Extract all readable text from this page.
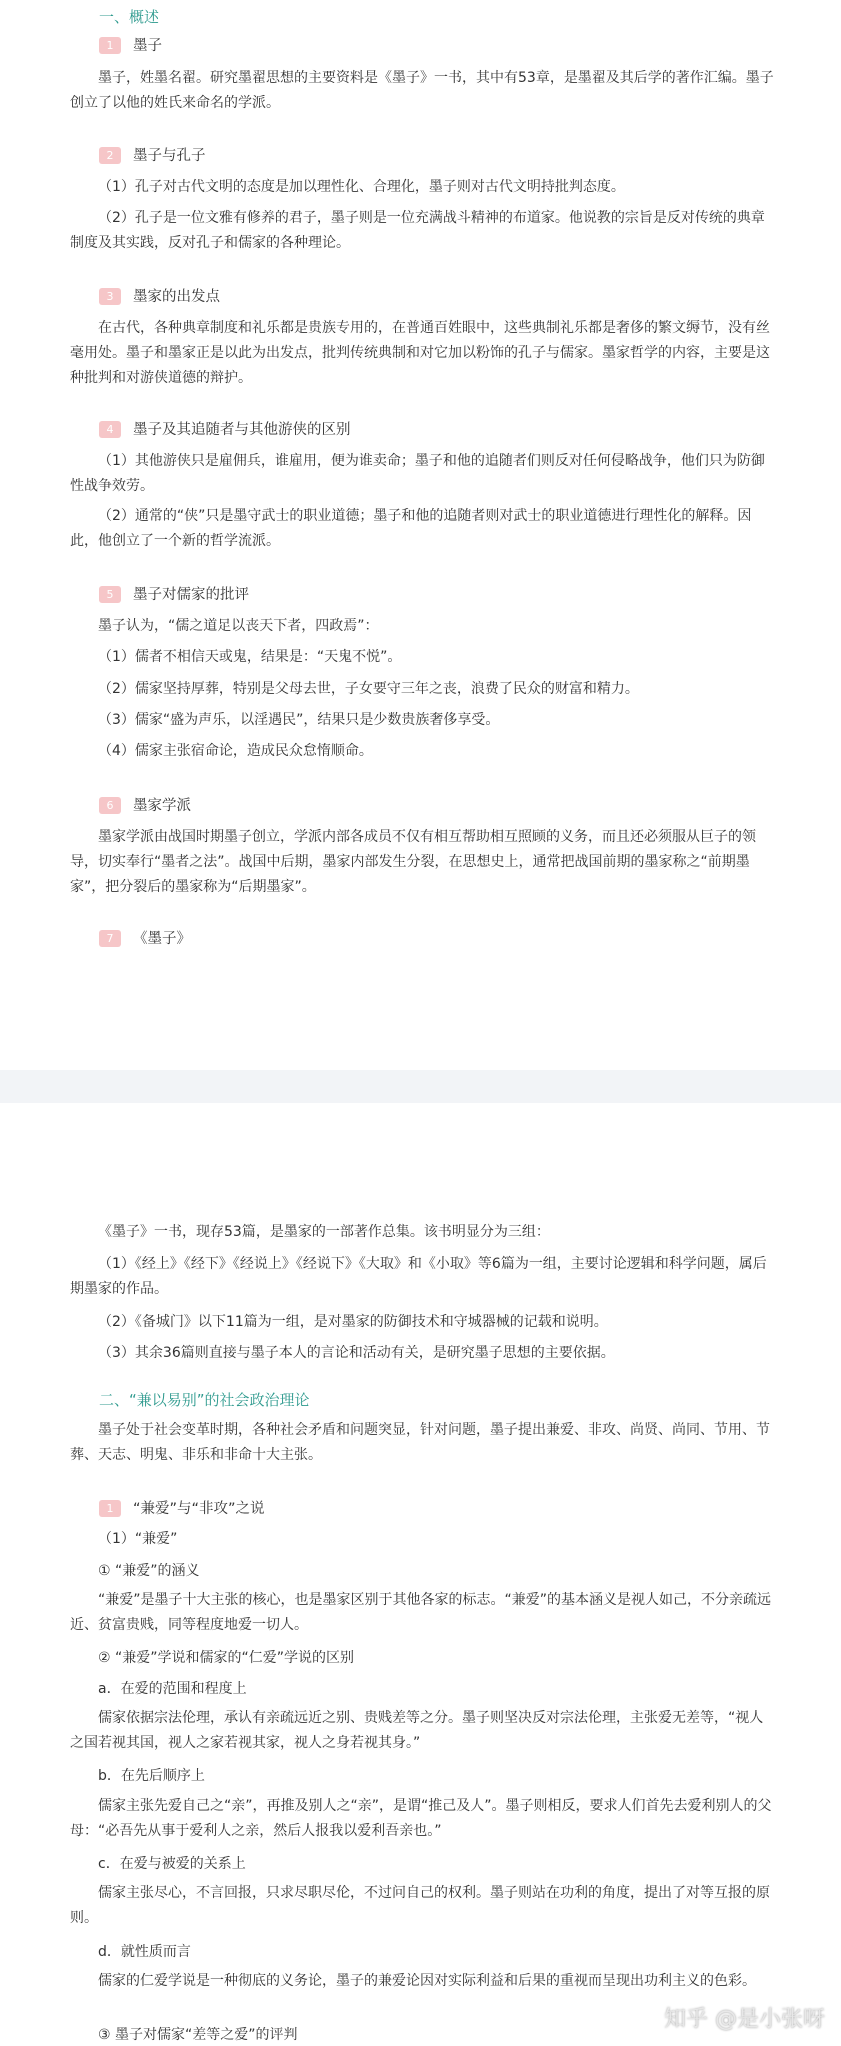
一、概述
1 墨子
墨子，姓墨名翟。研究墨翟思想的主要资料是《墨子》一书，其中有53章，是墨翟及其后学的著作汇编。墨子创立了以他的姓氏来命名的学派。
2 墨子与孔子
（1）孔子对古代文明的态度是加以理性化、合理化，墨子则对古代文明持批判态度。
（2）孔子是一位文雅有修养的君子，墨子则是一位充满战斗精神的布道家。他说教的宗旨是反对传统的典章制度及其实践，反对孔子和儒家的各种理论。
3 墨家的出发点
在古代，各种典章制度和礼乐都是贵族专用的，在普通百姓眼中，这些典制礼乐都是奢侈的繁文缛节，没有丝毫用处。墨子和墨家正是以此为出发点，批判传统典制和对它加以粉饰的孔子与儒家。墨家哲学的内容，主要是这种批判和对游侠道德的辩护。
4 墨子及其追随者与其他游侠的区别
（1）其他游侠只是雇佣兵，谁雇用，便为谁卖命；墨子和他的追随者们则反对任何侵略战争，他们只为防御性战争效劳。
（2）通常的“侠”只是墨守武士的职业道德；墨子和他的追随者则对武士的职业道德进行理性化的解释。因此，他创立了一个新的哲学流派。
5 墨子对儒家的批评
墨子认为，“儒之道足以丧天下者，四政焉”：
（1）儒者不相信天或鬼，结果是：“天鬼不悦”。
（2）儒家坚持厚葬，特别是父母去世，子女要守三年之丧，浪费了民众的财富和精力。
（3）儒家“盛为声乐，以淫遇民”，结果只是少数贵族奢侈享受。
（4）儒家主张宿命论，造成民众怠惰顺命。
6 墨家学派
墨家学派由战国时期墨子创立，学派内部各成员不仅有相互帮助相互照顾的义务，而且还必须服从巨子的领导，切实奉行“墨者之法”。战国中后期，墨家内部发生分裂，在思想史上，通常把战国前期的墨家称之“前期墨家”，把分裂后的墨家称为“后期墨家”。
7 《墨子》
《墨子》一书，现存53篇，是墨家的一部著作总集。该书明显分为三组：
（1）《经上》《经下》《经说上》《经说下》《大取》和《小取》等6篇为一组，主要讨论逻辑和科学问题，属后期墨家的作品。
（2）《备城门》以下11篇为一组，是对墨家的防御技术和守城器械的记载和说明。
（3）其余36篇则直接与墨子本人的言论和活动有关，是研究墨子思想的主要依据。
二、“兼以易别”的社会政治理论
墨子处于社会变革时期，各种社会矛盾和问题突显，针对问题，墨子提出兼爱、非攻、尚贤、尚同、节用、节葬、天志、明鬼、非乐和非命十大主张。
1 “兼爱”与“非攻”之说
（1）“兼爱”
① “兼爱”的涵义
“兼爱”是墨子十大主张的核心，也是墨家区别于其他各家的标志。“兼爱”的基本涵义是视人如己，不分亲疏远近、贫富贵贱，同等程度地爱一切人。
② “兼爱”学说和儒家的“仁爱”学说的区别
a．在爱的范围和程度上
儒家依据宗法伦理，承认有亲疏远近之别、贵贱差等之分。墨子则坚决反对宗法伦理，主张爱无差等，“视人之国若视其国，视人之家若视其家，视人之身若视其身。”
b．在先后顺序上
儒家主张先爱自己之“亲”，再推及别人之“亲”，是谓“推己及人”。墨子则相反，要求人们首先去爱利别人的父母：“必吾先从事于爱利人之亲，然后人报我以爱利吾亲也。”
c．在爱与被爱的关系上
儒家主张尽心，不言回报，只求尽职尽伦，不过问自己的权利。墨子则站在功利的角度，提出了对等互报的原则。
d．就性质而言
儒家的仁爱学说是一种彻底的义务论，墨子的兼爱论因对实际利益和后果的重视而呈现出功利主义的色彩。
③ 墨子对儒家“差等之爱”的评判
知乎 @是小张呀
